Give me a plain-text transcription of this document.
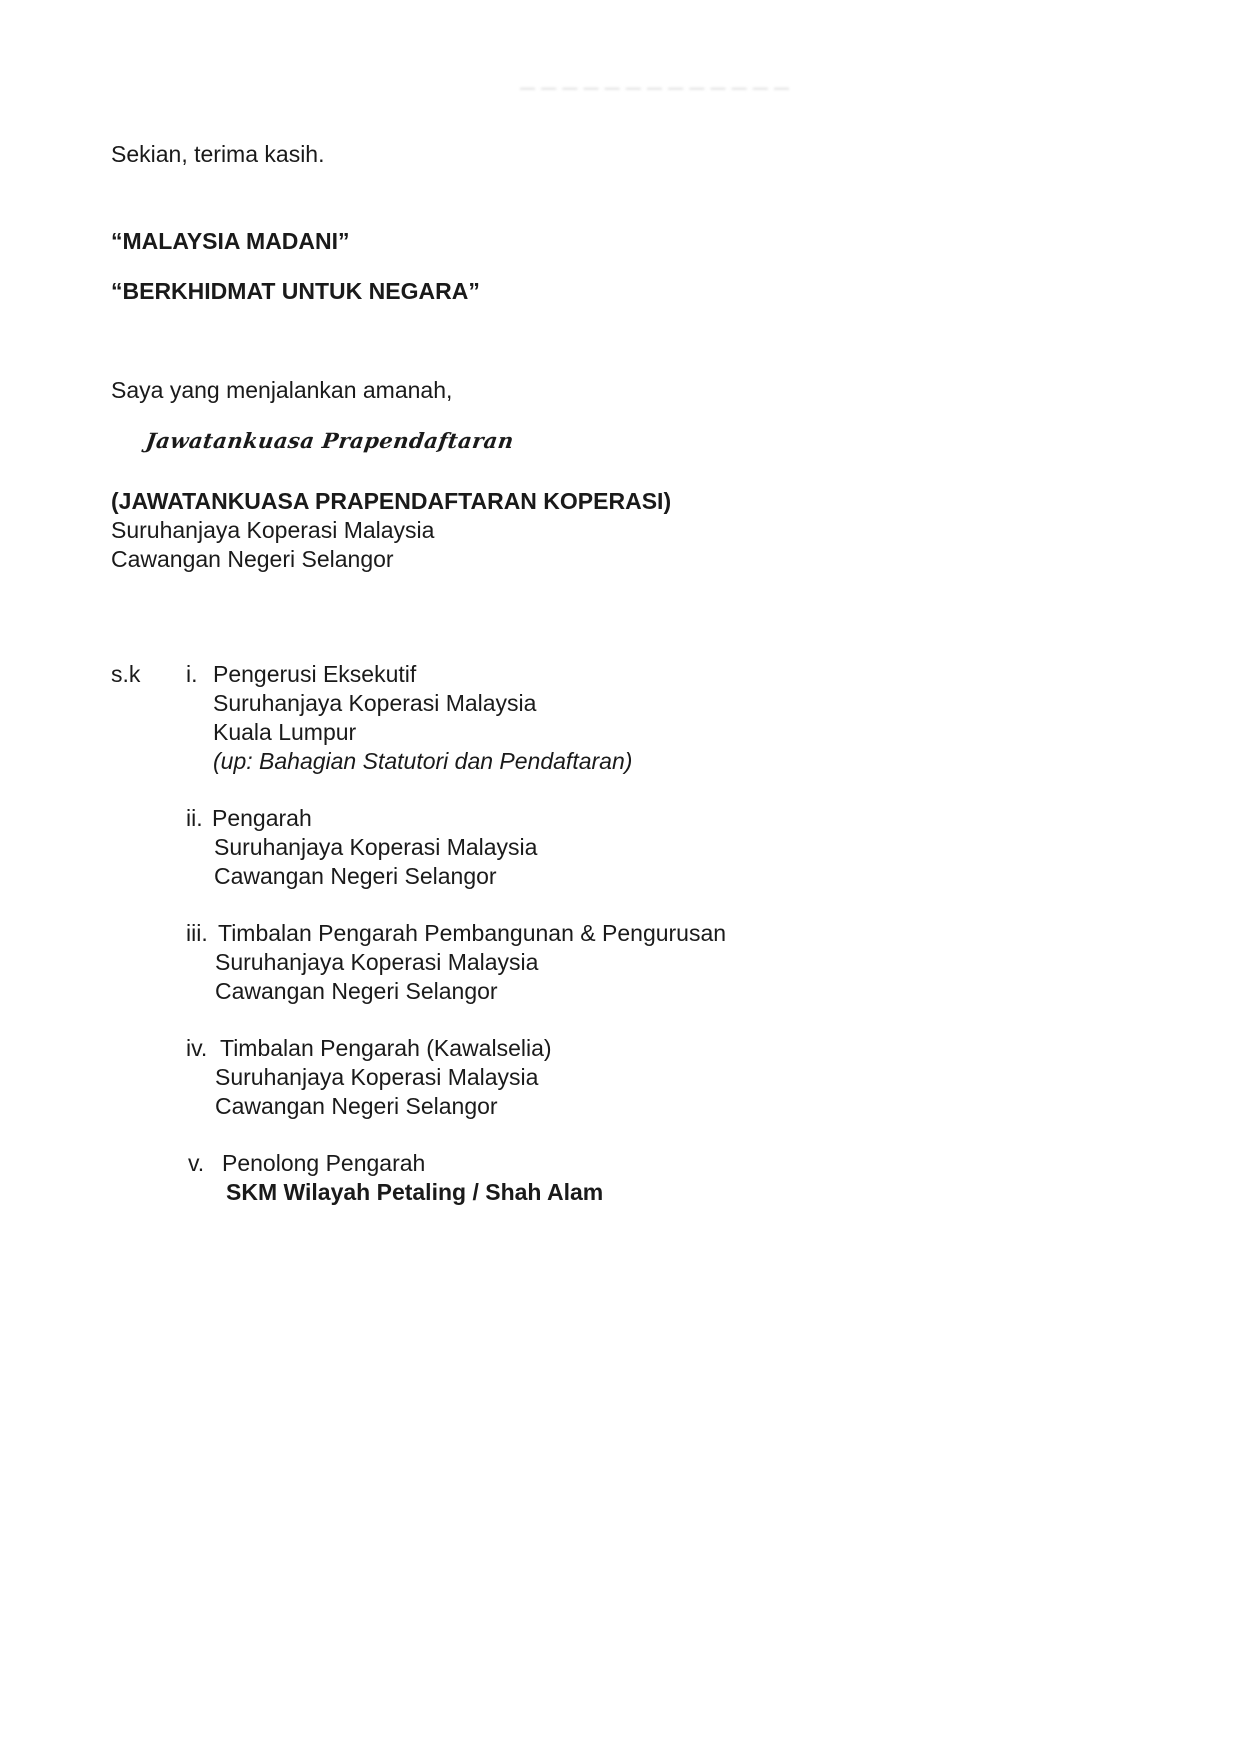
— — — — — — — — — — — — —
Sekian, terima kasih.
“MALAYSIA MADANI”
“BERKHIDMAT UNTUK NEGARA”
Saya yang menjalankan amanah,
Jawatankuasa Prapendaftaran
(JAWATANKUASA PRAPENDAFTARAN KOPERASI)
Suruhanjaya Koperasi Malaysia
Cawangan Negeri Selangor
s.k i. Pengerusi Eksekutif
Suruhanjaya Koperasi Malaysia
Kuala Lumpur
(up: Bahagian Statutori dan Pendaftaran)
ii. Pengarah
Suruhanjaya Koperasi Malaysia
Cawangan Negeri Selangor
iii. Timbalan Pengarah Pembangunan & Pengurusan
Suruhanjaya Koperasi Malaysia
Cawangan Negeri Selangor
iv. Timbalan Pengarah (Kawalselia)
Suruhanjaya Koperasi Malaysia
Cawangan Negeri Selangor
v. Penolong Pengarah
SKM Wilayah Petaling / Shah Alam
